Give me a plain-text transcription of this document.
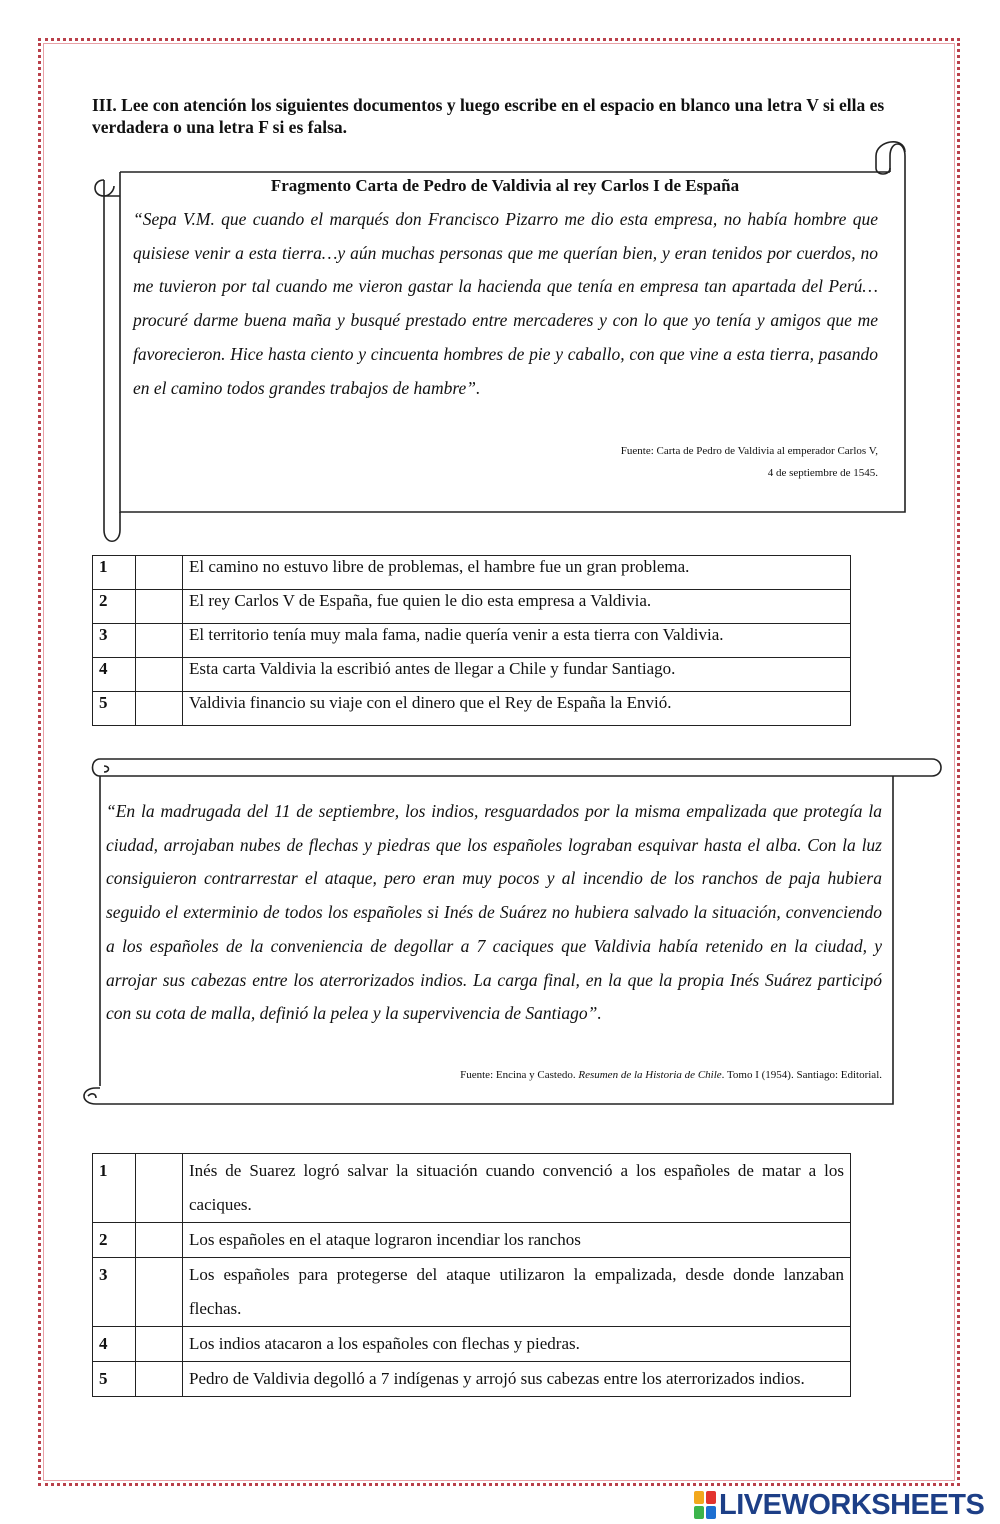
III. Lee con atención los siguientes documentos y luego escribe en el espacio en blanco una letra V si ella es verdadera o una letra F si es falsa.

Fragmento Carta de Pedro de Valdivia al rey Carlos I de España

“Sepa V.M. que cuando el marqués don Francisco Pizarro me dio esta empresa, no había hombre que quisiese venir a esta tierra…y aún muchas personas que me querían bien, y eran tenidos por cuerdos, no me tuvieron por tal cuando me vieron gastar la hacienda que tenía en empresa tan apartada del Perú… procuré darme buena maña y busqué prestado entre mercaderes y con lo que yo tenía y amigos que me favorecieron. Hice hasta ciento y cincuenta hombres de pie y caballo, con que vine a esta tierra, pasando en el camino todos grandes trabajos de hambre”.

Fuente: Carta de Pedro de Valdivia al emperador Carlos V,
4 de septiembre de 1545.
1		El camino no estuvo libre de problemas, el hambre fue un gran problema.
2		El rey Carlos V de España, fue quien le dio esta empresa a Valdivia.
3		El territorio tenía muy mala fama, nadie quería venir a esta tierra con Valdivia.
4		Esta carta Valdivia la escribió antes de llegar a Chile y fundar Santiago.
5		Valdivia financio su viaje con el dinero que el Rey de España la Envió.

“En la madrugada del 11 de septiembre, los indios, resguardados por la misma empalizada que protegía la ciudad, arrojaban nubes de flechas y piedras que los españoles lograban esquivar hasta el alba. Con la luz consiguieron contrarrestar el ataque, pero eran muy pocos y al incendio de los ranchos de paja hubiera seguido el exterminio de todos los españoles si Inés de Suárez no hubiera salvado la situación, convenciendo a los españoles de la conveniencia de degollar a 7 caciques que Valdivia había retenido en la ciudad, y arrojar sus cabezas entre los aterrorizados indios. La carga final, en la que la propia Inés Suárez participó con su cota de malla, definió la pelea y la supervivencia de Santiago”.

Fuente: Encina y Castedo. Resumen de la Historia de Chile. Tomo I (1954). Santiago: Editorial.
1		Inés de Suarez logró salvar la situación cuando convenció a los españoles de matar a los caciques.
2		Los españoles en el ataque lograron incendiar los ranchos
3		Los españoles para protegerse del ataque utilizaron la empalizada, desde donde lanzaban flechas.
4		Los indios atacaron a los españoles con flechas y piedras.
5		Pedro de Valdivia degolló a 7 indígenas y arrojó sus cabezas entre los aterrorizados indios.
LIVEWORKSHEETS
